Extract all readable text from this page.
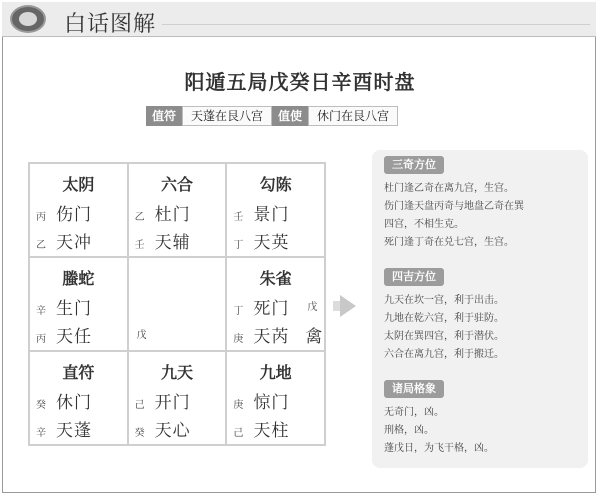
白话图解
阳遁五局戊癸日辛酉时盘
值符	天蓬在艮八宫	值使	休门在艮八宫
太阴
丙 伤门
乙 天冲
六合
乙 杜门
壬 天辅
勾陈
壬 景门
丁 天英
螣蛇
辛 生门
丙 天任	戊
朱雀
丁 死门 戊
庚 天芮 禽
直符
癸 休门
辛 天蓬
九天
己 开门
癸 天心
九地
庚 惊门
己 天柱
三奇方位
杜门逢乙奇在离九宫，生宫。
伤门逢天盘丙奇与地盘乙奇在巽
四宫，不相生克。
死门逢丁奇在兑七宫，生宫。
四吉方位
九天在坎一宫，利于出击。
九地在乾六宫，利于驻防。
太阴在巽四宫，利于潜伏。
六合在离九宫，利于搬迁。
诸局格象
无奇门，凶。
刑格，凶。
蓬戊日，为飞干格，凶。
